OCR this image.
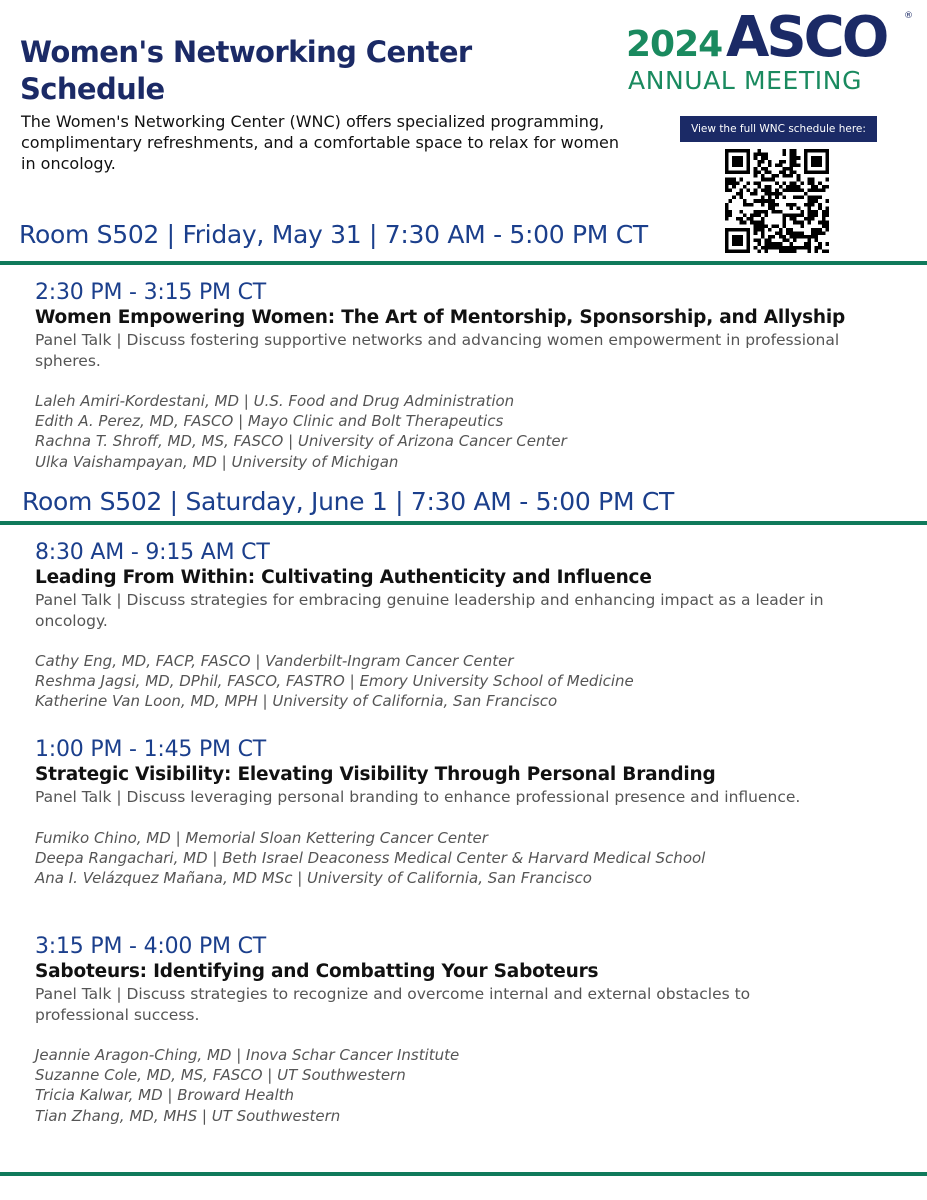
Women's Networking Center Schedule

The Women's Networking Center (WNC) offers specialized programming, complimentary refreshments, and a comfortable space to relax for women in oncology.

2024 ASCO ®
ANNUAL MEETING
View the full WNC schedule here:
Room S502 | Friday, May 31 | 7:30 AM - 5:00 PM CT

2:30 PM - 3:15 PM CT

Women Empowering Women: The Art of Mentorship, Sponsorship, and Allyship

Panel Talk | Discuss fostering supportive networks and advancing women empowerment in professional spheres.

Laleh Amiri-Kordestani, MD | U.S. Food and Drug Administration
Edith A. Perez, MD, FASCO | Mayo Clinic and Bolt Therapeutics
Rachna T. Shroff, MD, MS, FASCO | University of Arizona Cancer Center
Ulka Vaishampayan, MD | University of Michigan
Room S502 | Saturday, June 1 | 7:30 AM - 5:00 PM CT

8:30 AM - 9:15 AM CT

Leading From Within: Cultivating Authenticity and Influence

Panel Talk | Discuss strategies for embracing genuine leadership and enhancing impact as a leader in oncology.

Cathy Eng, MD, FACP, FASCO | Vanderbilt-Ingram Cancer Center
Reshma Jagsi, MD, DPhil, FASCO, FASTRO | Emory University School of Medicine
Katherine Van Loon, MD, MPH | University of California, San Francisco

1:00 PM - 1:45 PM CT

Strategic Visibility: Elevating Visibility Through Personal Branding

Panel Talk | Discuss leveraging personal branding to enhance professional presence and influence.

Fumiko Chino, MD | Memorial Sloan Kettering Cancer Center
Deepa Rangachari, MD | Beth Israel Deaconess Medical Center & Harvard Medical School
Ana I. Velázquez Mañana, MD MSc | University of California, San Francisco

3:15 PM - 4:00 PM CT

Saboteurs: Identifying and Combatting Your Saboteurs

Panel Talk | Discuss strategies to recognize and overcome internal and external obstacles to professional success.

Jeannie Aragon-Ching, MD | Inova Schar Cancer Institute
Suzanne Cole, MD, MS, FASCO | UT Southwestern
Tricia Kalwar, MD | Broward Health
Tian Zhang, MD, MHS | UT Southwestern
